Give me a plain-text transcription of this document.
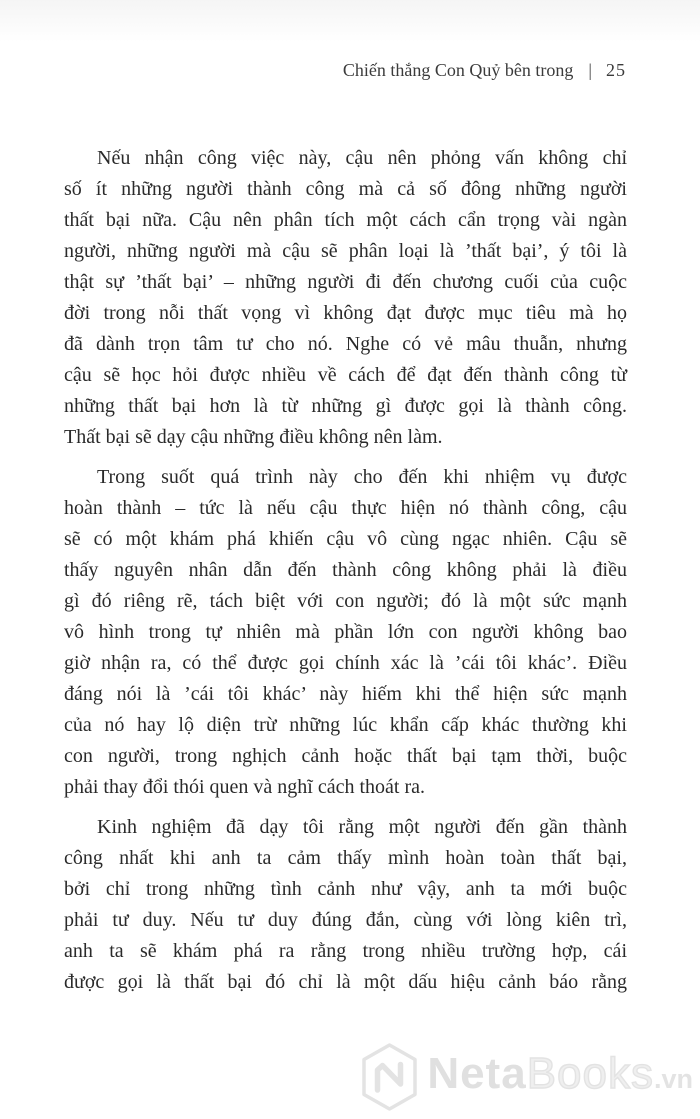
Chiến thắng Con Quỷ bên trong | 25

Nếu nhận công việc này, cậu nên phỏng vấn không chỉ
số ít những người thành công mà cả số đông những người
thất bại nữa. Cậu nên phân tích một cách cẩn trọng vài ngàn
người, những người mà cậu sẽ phân loại là ’thất bại’, ý tôi là
thật sự ’thất bại’ – những người đi đến chương cuối của cuộc
đời trong nỗi thất vọng vì không đạt được mục tiêu mà họ
đã dành trọn tâm tư cho nó. Nghe có vẻ mâu thuẫn, nhưng
cậu sẽ học hỏi được nhiều về cách để đạt đến thành công từ
những thất bại hơn là từ những gì được gọi là thành công.
Thất bại sẽ dạy cậu những điều không nên làm.

Trong suốt quá trình này cho đến khi nhiệm vụ được
hoàn thành – tức là nếu cậu thực hiện nó thành công, cậu
sẽ có một khám phá khiến cậu vô cùng ngạc nhiên. Cậu sẽ
thấy nguyên nhân dẫn đến thành công không phải là điều
gì đó riêng rẽ, tách biệt với con người; đó là một sức mạnh
vô hình trong tự nhiên mà phần lớn con người không bao
giờ nhận ra, có thể được gọi chính xác là ’cái tôi khác’. Điều
đáng nói là ’cái tôi khác’ này hiếm khi thể hiện sức mạnh
của nó hay lộ diện trừ những lúc khẩn cấp khác thường khi
con người, trong nghịch cảnh hoặc thất bại tạm thời, buộc
phải thay đổi thói quen và nghĩ cách thoát ra.

Kinh nghiệm đã dạy tôi rằng một người đến gần thành
công nhất khi anh ta cảm thấy mình hoàn toàn thất bại,
bởi chỉ trong những tình cảnh như vậy, anh ta mới buộc
phải tư duy. Nếu tư duy đúng đắn, cùng với lòng kiên trì,
anh ta sẽ khám phá ra rằng trong nhiều trường hợp, cái
được gọi là thất bại đó chỉ là một dấu hiệu cảnh báo rằng

NetaBooks.vn
